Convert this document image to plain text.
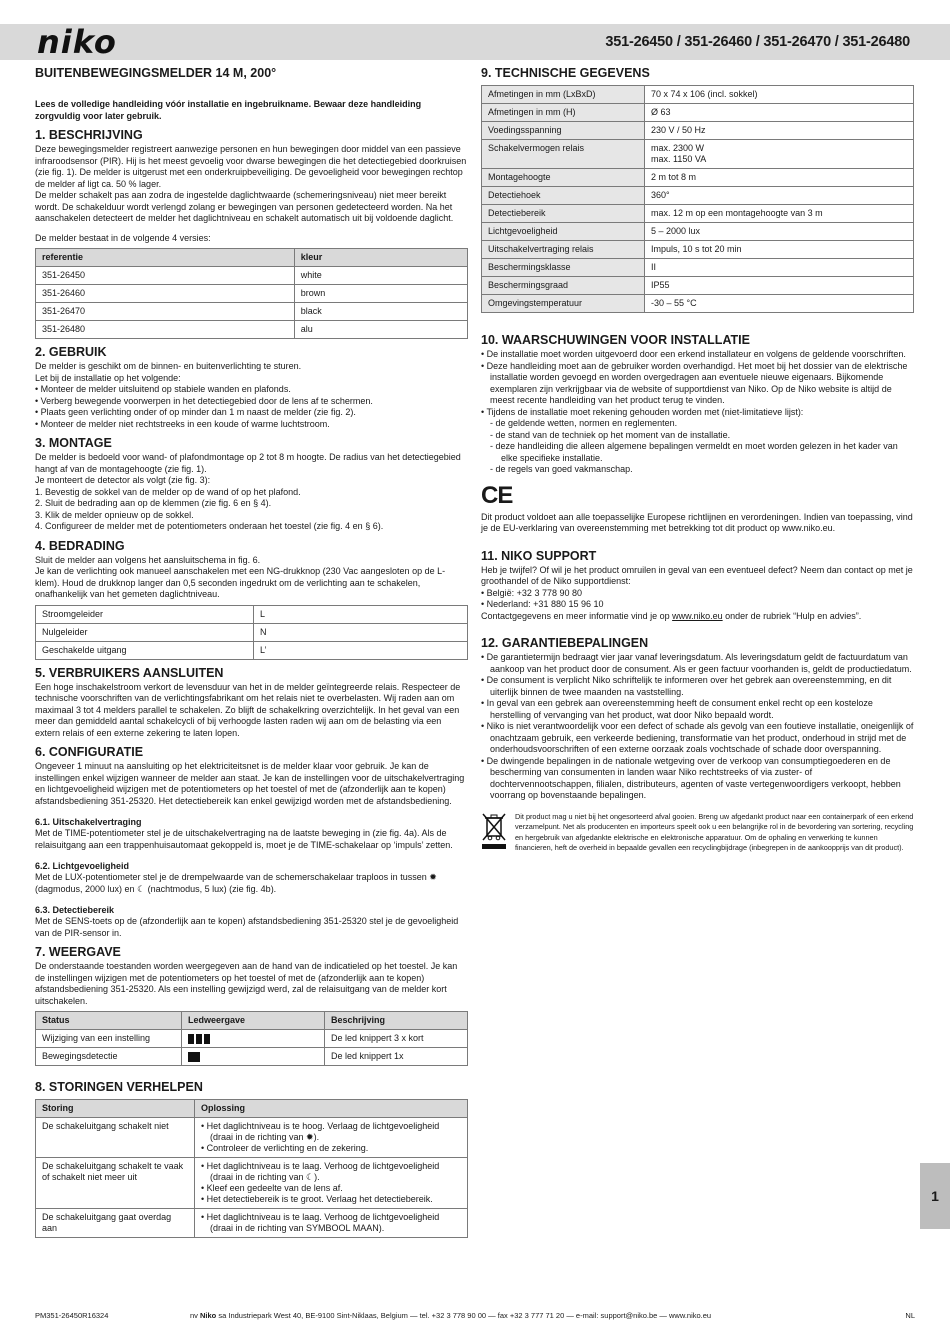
niko	351-26450 / 351-26460 / 351-26470 / 351-26480
BUITENBEWEGINGSMELDER 14 M, 200°
Lees de volledige handleiding vóór installatie en ingebruikname. Bewaar deze handleiding zorgvuldig voor later gebruik.
1. BESCHRIJVING

Deze bewegingsmelder registreert aanwezige personen en hun bewegingen door middel van een passieve infraroodsensor (PIR). Hij is het meest gevoelig voor dwarse bewegingen die het detectiegebied doorkruisen (zie fig. 1). De melder is uitgerust met een onderkruipbeveiliging. De gevoeligheid voor bewegingen rechtop de melder af ligt ca. 50 % lager.

De melder schakelt pas aan zodra de ingestelde daglichtwaarde (schemeringsniveau) niet meer bereikt wordt. De schakelduur wordt verlengd zolang er bewegingen van personen gedetecteerd worden. Na het aanschakelen detecteert de melder het daglichtniveau en schakelt automatisch uit bij voldoende daglicht.

De melder bestaat in de volgende 4 versies:

referentie	kleur
351-26450	white
351-26460	brown
351-26470	black
351-26480	alu
2. GEBRUIK

De melder is geschikt om de binnen- en buitenverlichting te sturen.

Let bij de installatie op het volgende:

• Monteer de melder uitsluitend op stabiele wanden en plafonds.
• Verberg bewegende voorwerpen in het detectiegebied door de lens af te schermen.
• Plaats geen verlichting onder of op minder dan 1 m naast de melder (zie fig. 2).
• Monteer de melder niet rechtstreeks in een koude of warme luchtstroom.
3. MONTAGE

De melder is bedoeld voor wand- of plafondmontage op 2 tot 8 m hoogte. De radius van het detectiegebied hangt af van de montagehoogte (zie fig. 1).

Je monteert de detector als volgt (zie fig. 3):

1. Bevestig de sokkel van de melder op de wand of op het plafond.
2. Sluit de bedrading aan op de klemmen (zie fig. 6 en § 4).
3. Klik de melder opnieuw op de sokkel.
4. Configureer de melder met de potentiometers onderaan het toestel (zie fig. 4 en § 6).
4. BEDRADING

Sluit de melder aan volgens het aansluitschema in fig. 6.

Je kan de verlichting ook manueel aanschakelen met een NG-drukknop (230 Vac aangesloten op de L-klem). Houd de drukknop langer dan 0,5 seconden ingedrukt om de verlichting aan te schakelen, onafhankelijk van het gemeten daglichtniveau.

Stroomgeleider	L
Nulgeleider	N
Geschakelde uitgang	L’
5. VERBRUIKERS AANSLUITEN

Een hoge inschakelstroom verkort de levensduur van het in de melder geïntegreerde relais. Respecteer de technische voorschriften van de verlichtingsfabrikant om het relais niet te overbelasten. Wij raden aan om maximaal 3 tot 4 melders parallel te schakelen. Zo blijft de schakelkring overzichtelijk. In het geval van een meer dan gemiddeld aantal schakelcycli of bij verhoogde lasten raden wij aan om de belasting via een extern relais of een externe zekering te laten lopen.

6. CONFIGURATIE

Ongeveer 1 minuut na aansluiting op het elektriciteitsnet is de melder klaar voor gebruik. Je kan de instellingen enkel wijzigen wanneer de melder aan staat. Je kan de instellingen voor de uitschakelvertraging en lichtgevoeligheid wijzigen met de potentiometers op het toestel of met de (afzonderlijk aan te kopen) afstandsbediening 351-25320. Het detectiebereik kan enkel gewijzigd worden met de afstandsbediening.

6.1. Uitschakelvertraging

Met de TIME-potentiometer stel je de uitschakelvertraging na de laatste beweging in (zie fig. 4a). Als de relaisuitgang aan een trappenhuisautomaat gekoppeld is, moet je de TIME-schakelaar op ‘impuls’ zetten.

6.2. Lichtgevoeligheid

Met de LUX-potentiometer stel je de drempelwaarde van de schemerschakelaar traploos in tussen ✹ (dagmodus, 2000 lux) en ☾ (nachtmodus, 5 lux) (zie fig. 4b).

6.3. Detectiebereik

Met de SENS-toets op de (afzonderlijk aan te kopen) afstandsbediening 351-25320 stel je de gevoeligheid van de PIR-sensor in.

7. WEERGAVE

De onderstaande toestanden worden weergegeven aan de hand van de indicatieled op het toestel. Je kan de instellingen wijzigen met de potentiometers op het toestel of met de (afzonderlijk aan te kopen) afstandsbediening 351-25320. Als een instelling gewijzigd werd, zal de relaisuitgang van de melder kort uitschakelen.

Status	Ledweergave	Beschrijving
Wijziging van een instelling		De led knippert 3 x kort
Bewegingsdetectie		De led knippert 1x
8. STORINGEN VERHELPEN
Storing	Oplossing
De schakeluitgang schakelt niet	• Het daglichtniveau is te hoog. Verlaag de lichtgevoeligheid (draai in de richting van ✹).
• Controleer de verlichting en de zekering.

De schakeluitgang schakelt te vaak of schakelt niet meer uit	• Het daglichtniveau is te laag. Verhoog de lichtgevoeligheid (draai in de richting van ☾).
• Kleef een gedeelte van de lens af.
• Het detectiebereik is te groot. Verlaag het detectiebereik.

De schakeluitgang gaat overdag aan	• Het daglichtniveau is te laag. Verhoog de lichtgevoeligheid (draai in de richting van SYMBOOL MAAN).
9. TECHNISCHE GEGEVENS
Afmetingen in mm (LxBxD)	70 x 74 x 106 (incl. sokkel)
Afmetingen in mm (H)	Ø 63
Voedingsspanning	230 V / 50 Hz
Schakelvermogen relais	max. 2300 W
max. 1150 VA
Montagehoogte	2 m tot 8 m
Detectiehoek	360°
Detectiebereik	max. 12 m op een montagehoogte van 3 m
Lichtgevoeligheid	5 – 2000 lux
Uitschakelvertraging relais	Impuls, 10 s tot 20 min
Beschermingsklasse	II
Beschermingsgraad	IP55
Omgevingstemperatuur	-30 – 55 °C
10. WAARSCHUWINGEN VOOR INSTALLATIE
• De installatie moet worden uitgevoerd door een erkend installateur en volgens de geldende voorschriften.
• Deze handleiding moet aan de gebruiker worden overhandigd. Het moet bij het dossier van de elektrische installatie worden gevoegd en worden overgedragen aan eventuele nieuwe eigenaars. Bijkomende exemplaren zijn verkrijgbaar via de website of supportdienst van Niko. Op de Niko website is altijd de meest recente handleiding van het product terug te vinden.
• Tijdens de installatie moet rekening gehouden worden met (niet-limitatieve lijst):
- de geldende wetten, normen en reglementen.
- de stand van de techniek op het moment van de installatie.
- deze handleiding die alleen algemene bepalingen vermeldt en moet worden gelezen in het kader van elke specifieke installatie.
- de regels van goed vakmanschap.
CE

Dit product voldoet aan alle toepasselijke Europese richtlijnen en verordeningen. Indien van toepassing, vind je de EU-verklaring van overeenstemming met betrekking tot dit product op www.niko.eu.

11. NIKO SUPPORT

Heb je twijfel? Of wil je het product omruilen in geval van een eventueel defect? Neem dan contact op met je groothandel of de Niko supportdienst:

• België: +32 3 778 90 80
• Nederland: +31 880 15 96 10

Contactgegevens en meer informatie vind je op www.niko.eu onder de rubriek “Hulp en advies”.

12. GARANTIEBEPALINGEN
• De garantietermijn bedraagt vier jaar vanaf leveringsdatum. Als leveringsdatum geldt de factuurdatum van aankoop van het product door de consument. Als er geen factuur voorhanden is, geldt de productiedatum.
• De consument is verplicht Niko schriftelijk te informeren over het gebrek aan overeenstemming, en dit uiterlijk binnen de twee maanden na vaststelling.
• In geval van een gebrek aan overeenstemming heeft de consument enkel recht op een kosteloze herstelling of vervanging van het product, wat door Niko bepaald wordt.
• Niko is niet verantwoordelijk voor een defect of schade als gevolg van een foutieve installatie, oneigenlijk of onachtzaam gebruik, een verkeerde bediening, transformatie van het product, onderhoud in strijd met de onderhoudsvoorschriften of een externe oorzaak zoals vochtschade of schade door overspanning.
• De dwingende bepalingen in de nationale wetgeving over de verkoop van consumptiegoederen en de bescherming van consumenten in landen waar Niko rechtstreeks of via zuster- of dochtervennootschappen, filialen, distributeurs, agenten of vaste vertegenwoordigers verkoopt, hebben voorrang op bovenstaande bepalingen.

Dit product mag u niet bij het ongesorteerd afval gooien. Breng uw afgedankt product naar een containerpark of een erkend verzamelpunt. Net als producenten en importeurs speelt ook u een belangrijke rol in de bevordering van sortering, recycling en hergebruik van afgedankte elektrische en elektronische apparatuur. Om de ophaling en verwerking te kunnen financieren, heft de overheid in bepaalde gevallen een recyclingbijdrage (inbegrepen in de aankoopprijs van dit product).

1
PM351-26450R16324	nv Niko sa Industriepark West 40, BE-9100 Sint-Niklaas, Belgium — tel. +32 3 778 90 00 — fax +32 3 777 71 20 — e-mail: support@niko.be — www.niko.eu	NL
